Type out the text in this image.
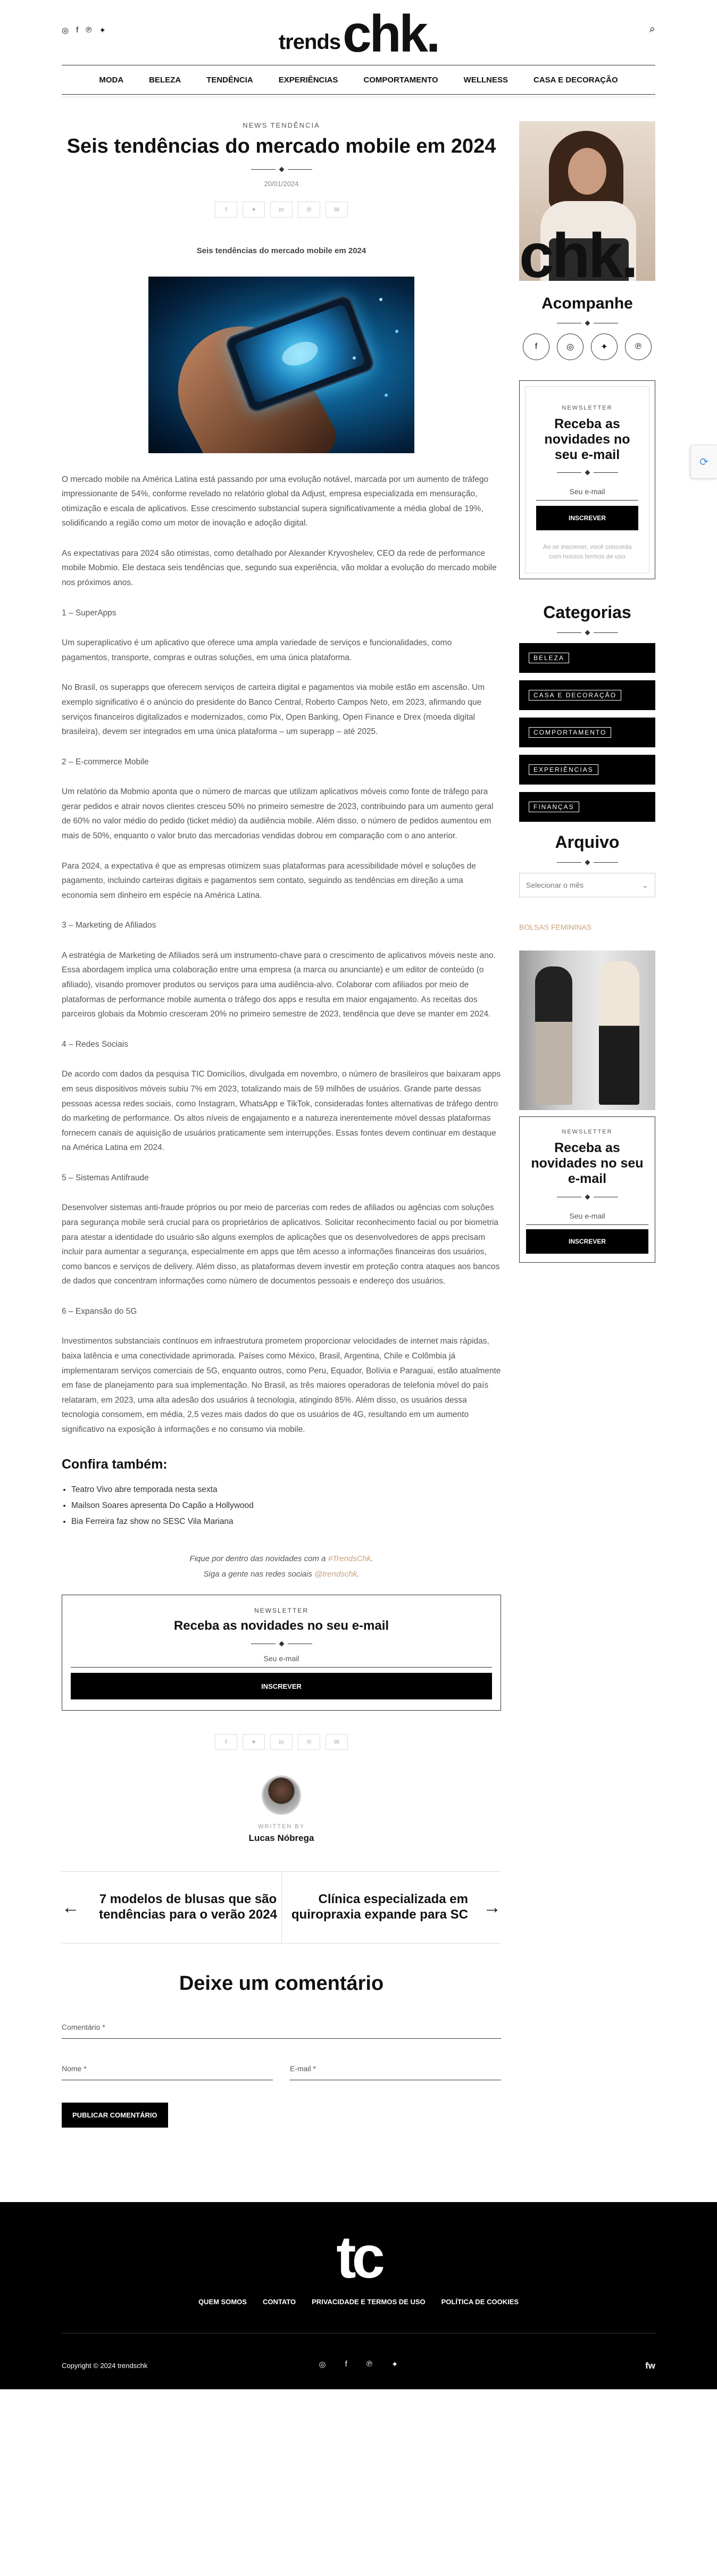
◎ f ℗ ✦	trends chk.	⌕
MODA	BELEZA	TENDÊNCIA	EXPERIÊNCIAS	COMPORTAMENTO	WELLNESS	CASA E DECORAÇÃO
NEWS TENDÊNCIA
Seis tendências do mercado mobile em 2024
20/01/2024
f	✦	in	℗	✉
Seis tendências do mercado mobile em 2024

O mercado mobile na América Latina está passando por uma evolução notável, marcada por um aumento de tráfego impressionante de 54%, conforme revelado no relatório global da Adjust, empresa especializada em mensuração, otimização e escala de aplicativos. Esse crescimento substancial supera significativamente a média global de 19%, solidificando a região como um motor de inovação e adoção digital.

As expectativas para 2024 são otimistas, como detalhado por Alexander Kryvoshelev, CEO da rede de performance mobile Mobmio. Ele destaca seis tendências que, segundo sua experiência, vão moldar a evolução do mercado mobile nos próximos anos.

1 – SuperApps

Um superaplicativo é um aplicativo que oferece uma ampla variedade de serviços e funcionalidades, como pagamentos, transporte, compras e outras soluções, em uma única plataforma.

No Brasil, os superapps que oferecem serviços de carteira digital e pagamentos via mobile estão em ascensão. Um exemplo significativo é o anúncio do presidente do Banco Central, Roberto Campos Neto, em 2023, afirmando que serviços financeiros digitalizados e modernizados, como Pix, Open Banking, Open Finance e Drex (moeda digital brasileira), devem ser integrados em uma única plataforma – um superapp – até 2025.

2 – E-commerce Mobile

Um relatório da Mobmio aponta que o número de marcas que utilizam aplicativos móveis como fonte de tráfego para gerar pedidos e atrair novos clientes cresceu 50% no primeiro semestre de 2023, contribuindo para um aumento geral de 60% no valor médio do pedido (ticket médio) da audiência mobile. Além disso, o número de pedidos aumentou em mais de 50%, enquanto o valor bruto das mercadorias vendidas dobrou em comparação com o ano anterior.

Para 2024, a expectativa é que as empresas otimizem suas plataformas para acessibilidade móvel e soluções de pagamento, incluindo carteiras digitais e pagamentos sem contato, seguindo as tendências em direção a uma economia sem dinheiro em espécie na América Latina.

3 – Marketing de Afiliados

A estratégia de Marketing de Afiliados será um instrumento-chave para o crescimento de aplicativos móveis neste ano. Essa abordagem implica uma colaboração entre uma empresa (a marca ou anunciante) e um editor de conteúdo (o afiliado), visando promover produtos ou serviços para uma audiência-alvo. Colaborar com afiliados por meio de plataformas de performance mobile aumenta o tráfego dos apps e resulta em maior engajamento. As receitas dos parceiros globais da Mobmio cresceram 20% no primeiro semestre de 2023, tendência que deve se manter em 2024.

4 – Redes Sociais

De acordo com dados da pesquisa TIC Domicílios, divulgada em novembro, o número de brasileiros que baixaram apps em seus dispositivos móveis subiu 7% em 2023, totalizando mais de 59 milhões de usuários. Grande parte dessas pessoas acessa redes sociais, como Instagram, WhatsApp e TikTok, consideradas fontes alternativas de tráfego dentro do marketing de performance. Os altos níveis de engajamento e a natureza inerentemente móvel dessas plataformas fornecem canais de aquisição de usuários praticamente sem interrupções. Essas fontes devem continuar em destaque na América Latina em 2024.

5 – Sistemas Antifraude

Desenvolver sistemas anti-fraude próprios ou por meio de parcerias com redes de afiliados ou agências com soluções para segurança mobile será crucial para os proprietários de aplicativos. Solicitar reconhecimento facial ou por biometria para atestar a identidade do usuário são alguns exemplos de aplicações que os desenvolvedores de apps precisam incluir para aumentar a segurança, especialmente em apps que têm acesso a informações financeiras dos usuários, como bancos e serviços de delivery. Além disso, as plataformas devem investir em proteção contra ataques aos bancos de dados que concentram informações como número de documentos pessoais e endereço dos usuários.

6 – Expansão do 5G

Investimentos substanciais contínuos em infraestrutura prometem proporcionar velocidades de internet mais rápidas, baixa latência e uma conectividade aprimorada. Países como México, Brasil, Argentina, Chile e Colômbia já implementaram serviços comerciais de 5G, enquanto outros, como Peru, Equador, Bolívia e Paraguai, estão atualmente em fase de planejamento para sua implementação. No Brasil, as três maiores operadoras de telefonia móvel do país relataram, em 2023, uma alta adesão dos usuários à tecnologia, atingindo 85%. Além disso, os usuários dessa tecnologia consomem, em média, 2,5 vezes mais dados do que os usuários de 4G, resultando em um aumento significativo na exposição à informações e no consumo via mobile.

Confira também:
• Teatro Vivo abre temporada nesta sexta
• Mailson Soares apresenta Do Capão a Hollywood
• Bia Ferreira faz show no SESC Vila Mariana
Fique por dentro das novidades com a #TrendsChk.
Siga a gente nas redes sociais @trendschk.
NEWSLETTER
Receba as novidades no seu e-mail
Seu e-mail
INSCREVER
f	✦	in	℗	✉
WRITTEN BY
Lucas Nóbrega
←	7 modelos de blusas que são tendências para o verão 2024
Clínica especializada em quiropraxia expande para SC →
Deixe um comentário
Comentário *
Nome *	E-mail *
PUBLICAR COMENTÁRIO
chk.
Acompanhe
f	◎	✦	℗
NEWSLETTER
Receba as novidades no seu e-mail
Seu e-mail
INSCREVER
Ao se inscrever, você concorda com nossos termos de uso
Categorias
BELEZA
CASA E DECORAÇÃO
COMPORTAMENTO
EXPERIÊNCIAS
FINANÇAS
Arquivo
Selecionar o mês	⌄
BOLSAS FEMININAS
NEWSLETTER
Receba as novidades no seu e-mail
Seu e-mail
INSCREVER
⟳
tc
QUEM SOMOS CONTATO PRIVACIDADE E TERMOS DE USO POLÍTICA DE COOKIES
Copyright © 2024 trendschk	◎ f ℗ ✦	fw
